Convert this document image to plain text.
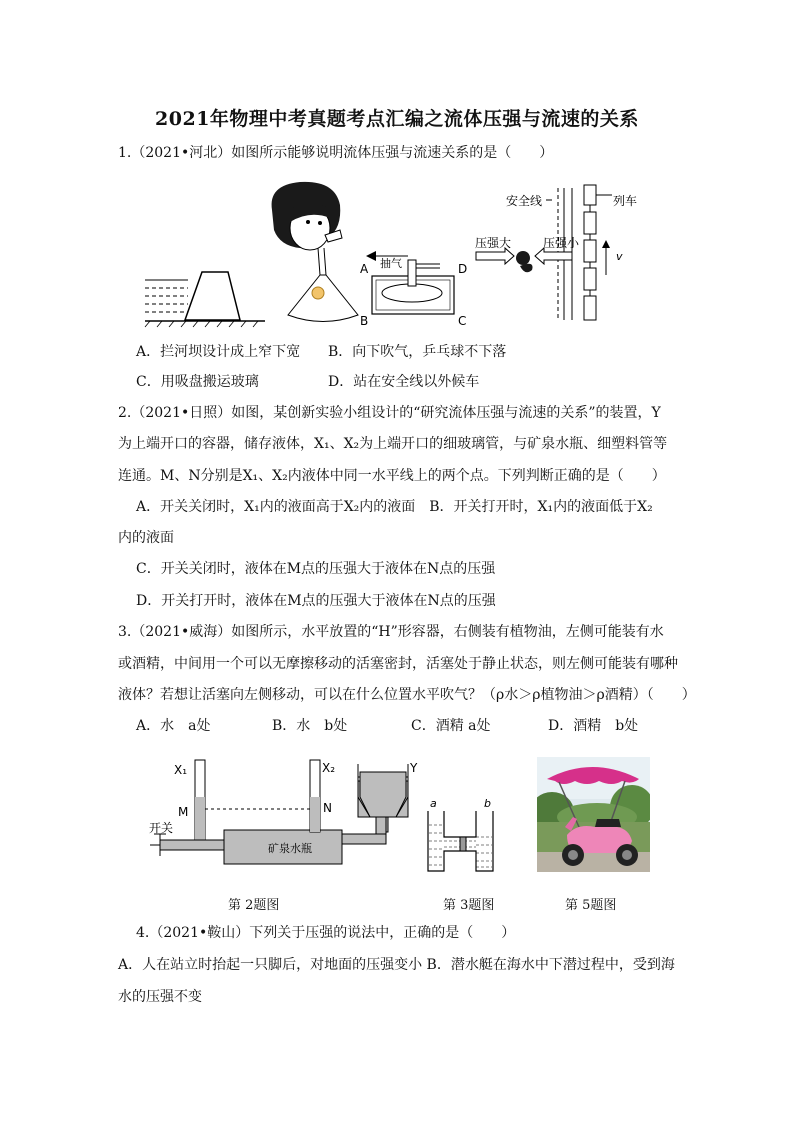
2021年物理中考真题考点汇编之流体压强与流速的关系
1.（2021•河北）如图所示能够说明流体压强与流速关系的是（　　）
A
B	C
D
抽气
安全线	列车
压强大	压强小
v
A．拦河坝设计成上窄下宽 B．向下吹气，乒乓球不下落
C．用吸盘搬运玻璃	D．站在安全线以外候车
2.（2021•日照）如图，某创新实验小组设计的“研究流体压强与流速的关系”的装置，Y
为上端开口的容器，储存液体，X₁、X₂为上端开口的细玻璃管，与矿泉水瓶、细塑料管等
连通。M、N分别是X₁、X₂内液体中同一水平线上的两个点。下列判断正确的是（　　）
A．开关关闭时，X₁内的液面高于X₂内的液面　B．开关打开时，X₁内的液面低于X₂
内的液面
C．开关关闭时，液体在M点的压强大于液体在N点的压强
D．开关打开时，液体在M点的压强大于液体在N点的压强
3.（2021•威海）如图所示，水平放置的“H”形容器，右侧装有植物油，左侧可能装有水
或酒精，中间用一个可以无摩擦移动的活塞密封，活塞处于静止状态，则左侧可能装有哪种
液体？若想让活塞向左侧移动，可以在什么位置水平吹气？（ρ水＞ρ植物油＞ρ酒精）（　　）
A．水　a处	B．水　b处	C．酒精 a处	D．酒精　b处
X₁	X₂	Y
M	N
开关
矿泉水瓶
第 2题图
a	b
第 3题图	第 5题图
4.（2021•鞍山）下列关于压强的说法中，正确的是（　　）
A．人在站立时抬起一只脚后，对地面的压强变小 B．潜水艇在海水中下潜过程中，受到海
水的压强不变
